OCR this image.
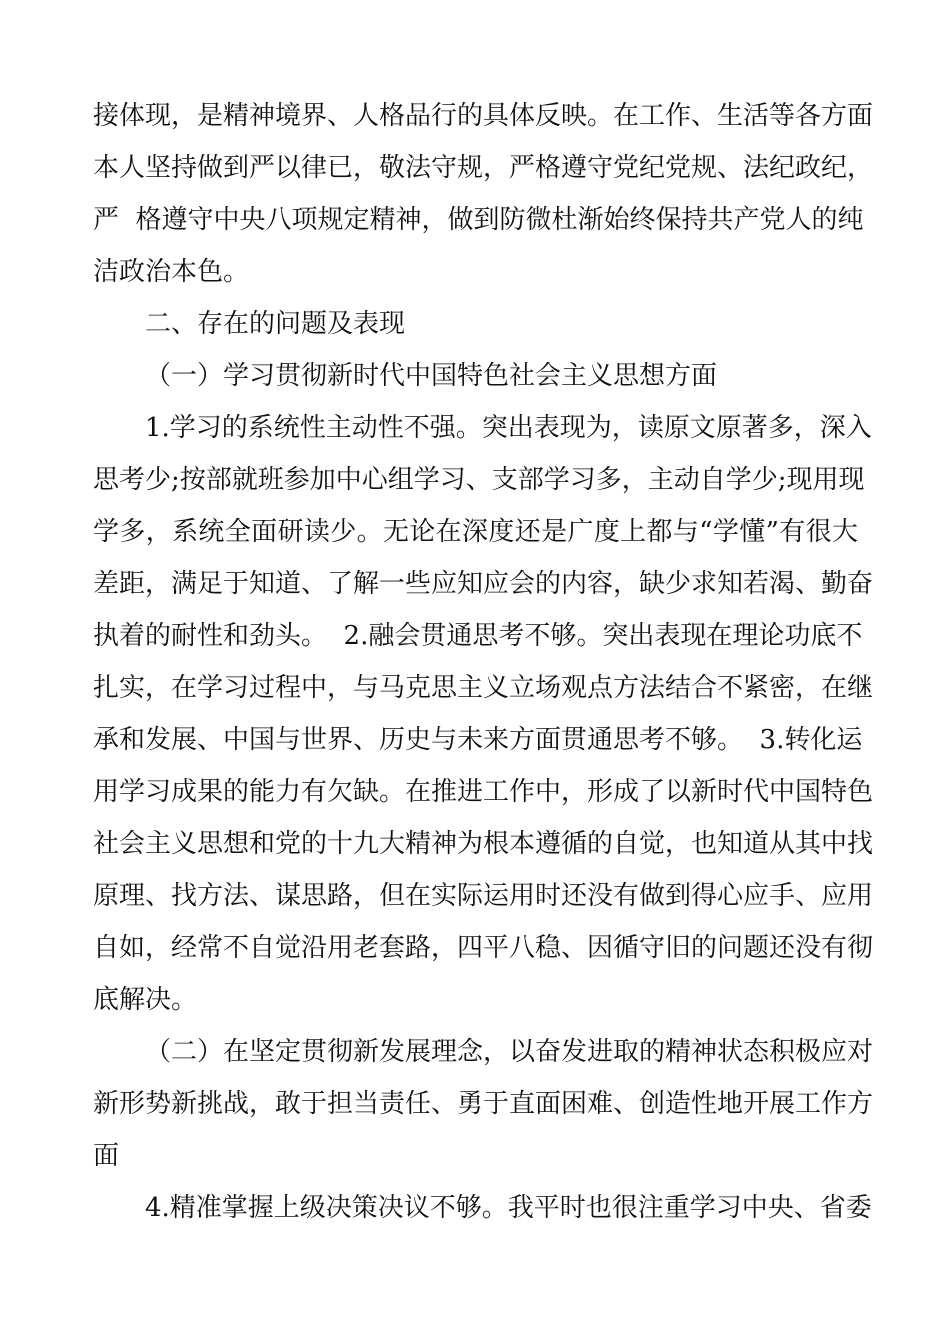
接体现，是精神境界、人格品行的具体反映。在工作、生活等各方面
本人坚持做到严以律已，敬法守规，严格遵守党纪党规、法纪政纪，
严  格遵守中央八项规定精神，做到防微杜渐始终保持共产党人的纯
洁政治本色。
二、存在的问题及表现
（一）学习贯彻新时代中国特色社会主义思想方面
1.学习的系统性主动性不强。突出表现为，读原文原著多，深入
思考少;按部就班参加中心组学习、支部学习多，主动自学少;现用现
学多，系统全面研读少。无论在深度还是广度上都与“学懂”有很大
差距，满足于知道、了解一些应知应会的内容，缺少求知若渴、勤奋
执着的耐性和劲头。  2.融会贯通思考不够。突出表现在理论功底不
扎实，在学习过程中，与马克思主义立场观点方法结合不紧密，在继
承和发展、中国与世界、历史与未来方面贯通思考不够。  3.转化运
用学习成果的能力有欠缺。在推进工作中，形成了以新时代中国特色
社会主义思想和党的十九大精神为根本遵循的自觉，也知道从其中找
原理、找方法、谋思路，但在实际运用时还没有做到得心应手、应用
自如，经常不自觉沿用老套路，四平八稳、因循守旧的问题还没有彻
底解决。
（二）在坚定贯彻新发展理念，以奋发进取的精神状态积极应对
新形势新挑战，敢于担当责任、勇于直面困难、创造性地开展工作方
面
4.精准掌握上级决策决议不够。我平时也很注重学习中央、省委
